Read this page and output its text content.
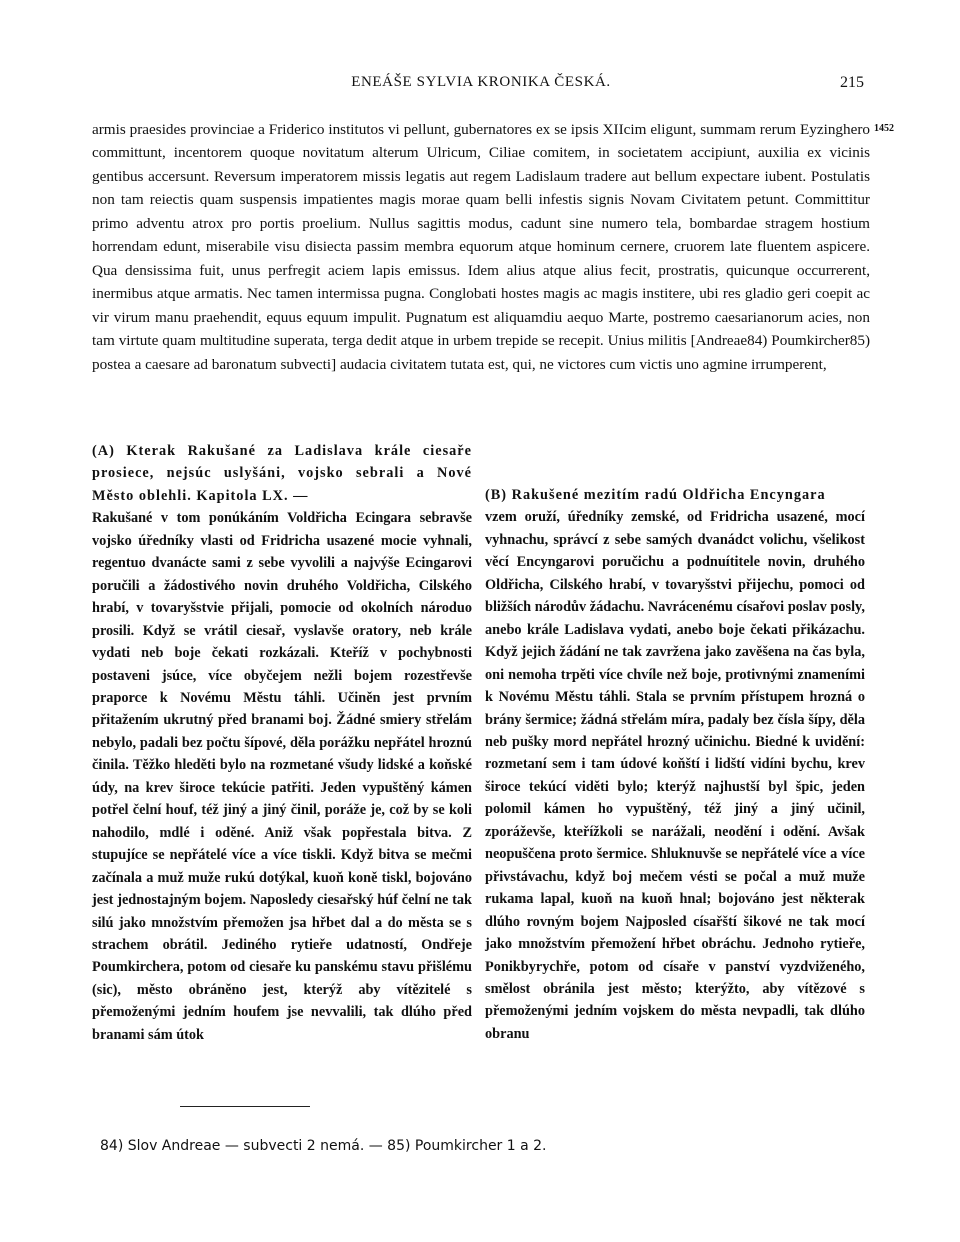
ENEÁŠE SYLVIA KRONIKA ČESKÁ.	215

armis praesides provinciae a Friderico institutos vi pellunt, gubernatores ex se ipsis XIIcim eligunt, summam rerum Eyzinghero committunt, incentorem quoque novitatum alterum Ulricum, Ciliae comitem, in societatem accipiunt, auxilia ex vicinis gentibus accersunt. Reversum imperatorem missis legatis aut regem Ladislaum tradere aut bellum expectare iubent. Postulatis non tam reiectis quam suspensis impatientes magis morae quam belli infestis signis Novam Civitatem petunt. Committitur primo adventu atrox pro portis proelium. Nullus sagittis modus, cadunt sine numero tela, bombardae stragem hostium horrendam edunt, miserabile visu disiecta passim membra equorum atque hominum cernere, cruorem late fluentem aspicere. Qua densissima fuit, unus perfregit aciem lapis emissus. Idem alius atque alius fecit, prostratis, quicunque occurrerent, inermibus atque armatis. Nec tamen intermissa pugna. Conglobati hostes magis ac magis institere, ubi res gladio geri coepit ac vir virum manu praehendit, equus equum impulit. Pugnatum est aliquamdiu aequo Marte, postremo caesarianorum acies, non tam virtute quam multitudine superata, terga dedit atque in urbem trepide se recepit. Unius militis [Andreae84) Poumkircher85) postea a caesare ad baronatum subvecti] audacia civitatem tutata est, qui, ne victores cum victis uno agmine irrumperent,

1452

(A) Kterak Rakušané za Ladislava krále ciesaře prosiece, nejsúc uslyšáni, vojsko sebrali a Nové Město oblehli. Kapitola LX. —

Rakušané v tom ponúkáním Voldřicha Ecingara sebravše vojsko úředníky vlasti od Fridricha usazené mocie vyhnali, regentuo dvanácte sami z sebe vyvolili a najvýše Ecingarovi poručili a žádostivého novin druhého Voldřicha, Cilského hrabí, v tovaryšstvie přijali, pomocie od okolních národuo prosili. Když se vrátil ciesař, vyslavše oratory, neb krále vydati neb boje čekati rozkázali. Kteříž v pochybnosti postaveni jsúce, více obyčejem nežli bojem rozestřevše praporce k Novému Městu táhli. Učiněn jest prvním přitažením ukrutný před branami boj. Žádné smiery střelám nebylo, padali bez počtu šípové, děla porážku nepřátel hroznú činila. Těžko hleděti bylo na rozmetané všudy lidské a koňské údy, na krev široce tekúcie patřiti. Jeden vypuštěný kámen potřel čelní houf, též jiný a jiný činil, poráže je, což by se koli nahodilo, mdlé i oděné. Aniž však popřestala bitva. Z stupujíce se nepřátelé více a více tiskli. Když bitva se mečmi začínala a muž muže rukú dotýkal, kuoň koně tiskl, bojováno jest jednostajným bojem. Naposledy ciesařský húf čelní ne tak silú jako množstvím přemožen jsa hřbet dal a do města se s strachem obrátil. Jediného rytieře udatností, Ondřeje Poumkirchera, potom od ciesaře ku panskému stavu přišlému (sic), město obráněno jest, kterýž aby vítězitelé s přemoženými jedním houfem jse nevvalili, tak dlúho před branami sám útok

(B) Rakušené mezitím radú Oldřicha Encyngara

vzem oruží, úředníky zemské, od Fridricha usazené, mocí vyhnachu, správcí z sebe samých dvanádct volichu, všelikost věcí Encyngarovi poručichu a podnuítitele novin, druhého Oldřicha, Cilského hrabí, v tovaryšstvi přijechu, pomoci od bližších národův žádachu. Navrácenému císařovi poslav posly, anebo krále Ladislava vydati, anebo boje čekati přikázachu. Když jejich žádání ne tak zavržena jako zavěšena na čas byla, oni nemoha trpěti více chvíle než boje, protivnými znameními k Novému Městu táhli. Stala se prvním přístupem hrozná o brány šermice; žádná střelám míra, padaly bez čísla šípy, děla neb pušky mord nepřátel hrozný učinichu. Biedné k uvidění: rozmetaní sem i tam údové koňští i lidští vidíni bychu, krev široce tekúcí viděti bylo; kterýž najhustší byl špic, jeden polomil kámen ho vypuštěný, též jiný a jiný učinil, zporáževše, kteřížkoli se narážali, neodění i odění. Avšak neopuščena proto šermice. Shluknuvše se nepřátelé více a více přivstávachu, když boj mečem vésti se počal a muž muže rukama lapal, kuoň na kuoň hnal; bojováno jest některak dlúho rovným bojem Najposled císařští šikové ne tak mocí jako množstvím přemožení hřbet obráchu. Jednoho rytieře, Ponikbyrychře, potom od císaře v panství vyzdviženého, smělost obránila jest město; kterýžto, aby vítězové s přemoženými jedním vojskem do města nevpadli, tak dlúho obranu

84) Slov Andreae — subvecti 2 nemá. — 85) Poumkircher 1 a 2.
